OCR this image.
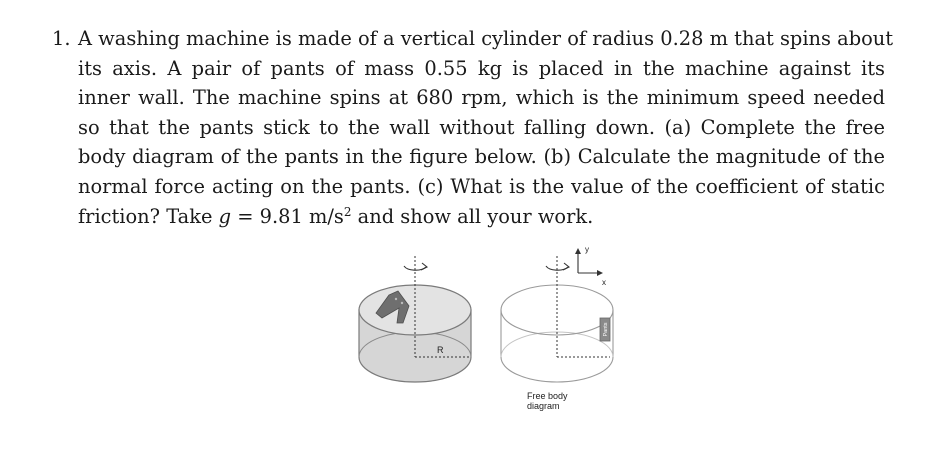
1. A washing machine is made of a vertical cylinder of radius 0.28 m that spins about
its axis. A pair of pants of mass 0.55 kg is placed in the machine against its
inner wall. The machine spins at 680 rpm, which is the minimum speed needed
so that the pants stick to the wall without falling down. (a) Complete the free
body diagram of the pants in the figure below. (b) Calculate the magnitude of the
normal force acting on the pants. (c) What is the value of the coefficient of static
friction? Take g = 9.81 $m/s^2$ and show all your work.
R
Pants
y
x
Free body
diagram
